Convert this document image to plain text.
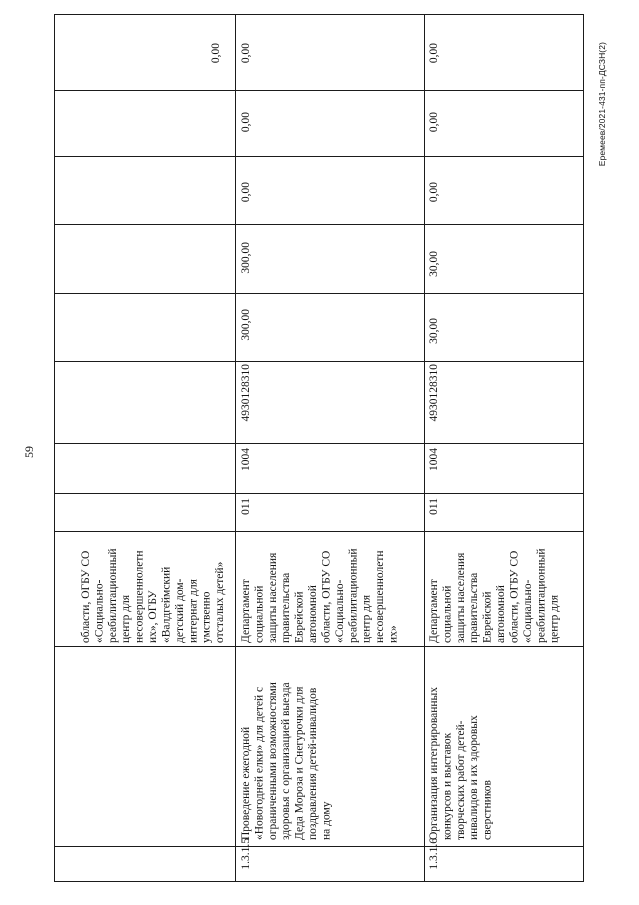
59
Еремеев/2021-431-пп-ДСЗН(2)
области, ОГБУ СО
«Социально-
реабилитационный
центр для
несовершеннолетн
их», ОГБУ
«Валдгеймский
детский дом-
интернат для
умственно
отсталых детей»
0,00
1.3.1.5
Проведение ежегодной
«Новогодней елки» для детей с
ограниченными возможностями
здоровья с организацией выезда
Деда Мороза и Снегурочки для
поздравления детей-инвалидов
на дому
Департамент
социальной
защиты населения
правительства
Еврейской
автономной
области, ОГБУ СО
«Социально-
реабилитационный
центр для
несовершеннолетн
их»
011
1004
4930128310
300,00
300,00
0,00
0,00
0,00
1.3.1.6
Организация интегрированных
конкурсов и выставок
творческих работ детей-
инвалидов и их здоровых
сверстников
Департамент
социальной
защиты населения
правительства
Еврейской
автономной
области, ОГБУ СО
«Социально-
реабилитационный
центр для
011
1004
4930128310
30,00
30,00
0,00
0,00
0,00
